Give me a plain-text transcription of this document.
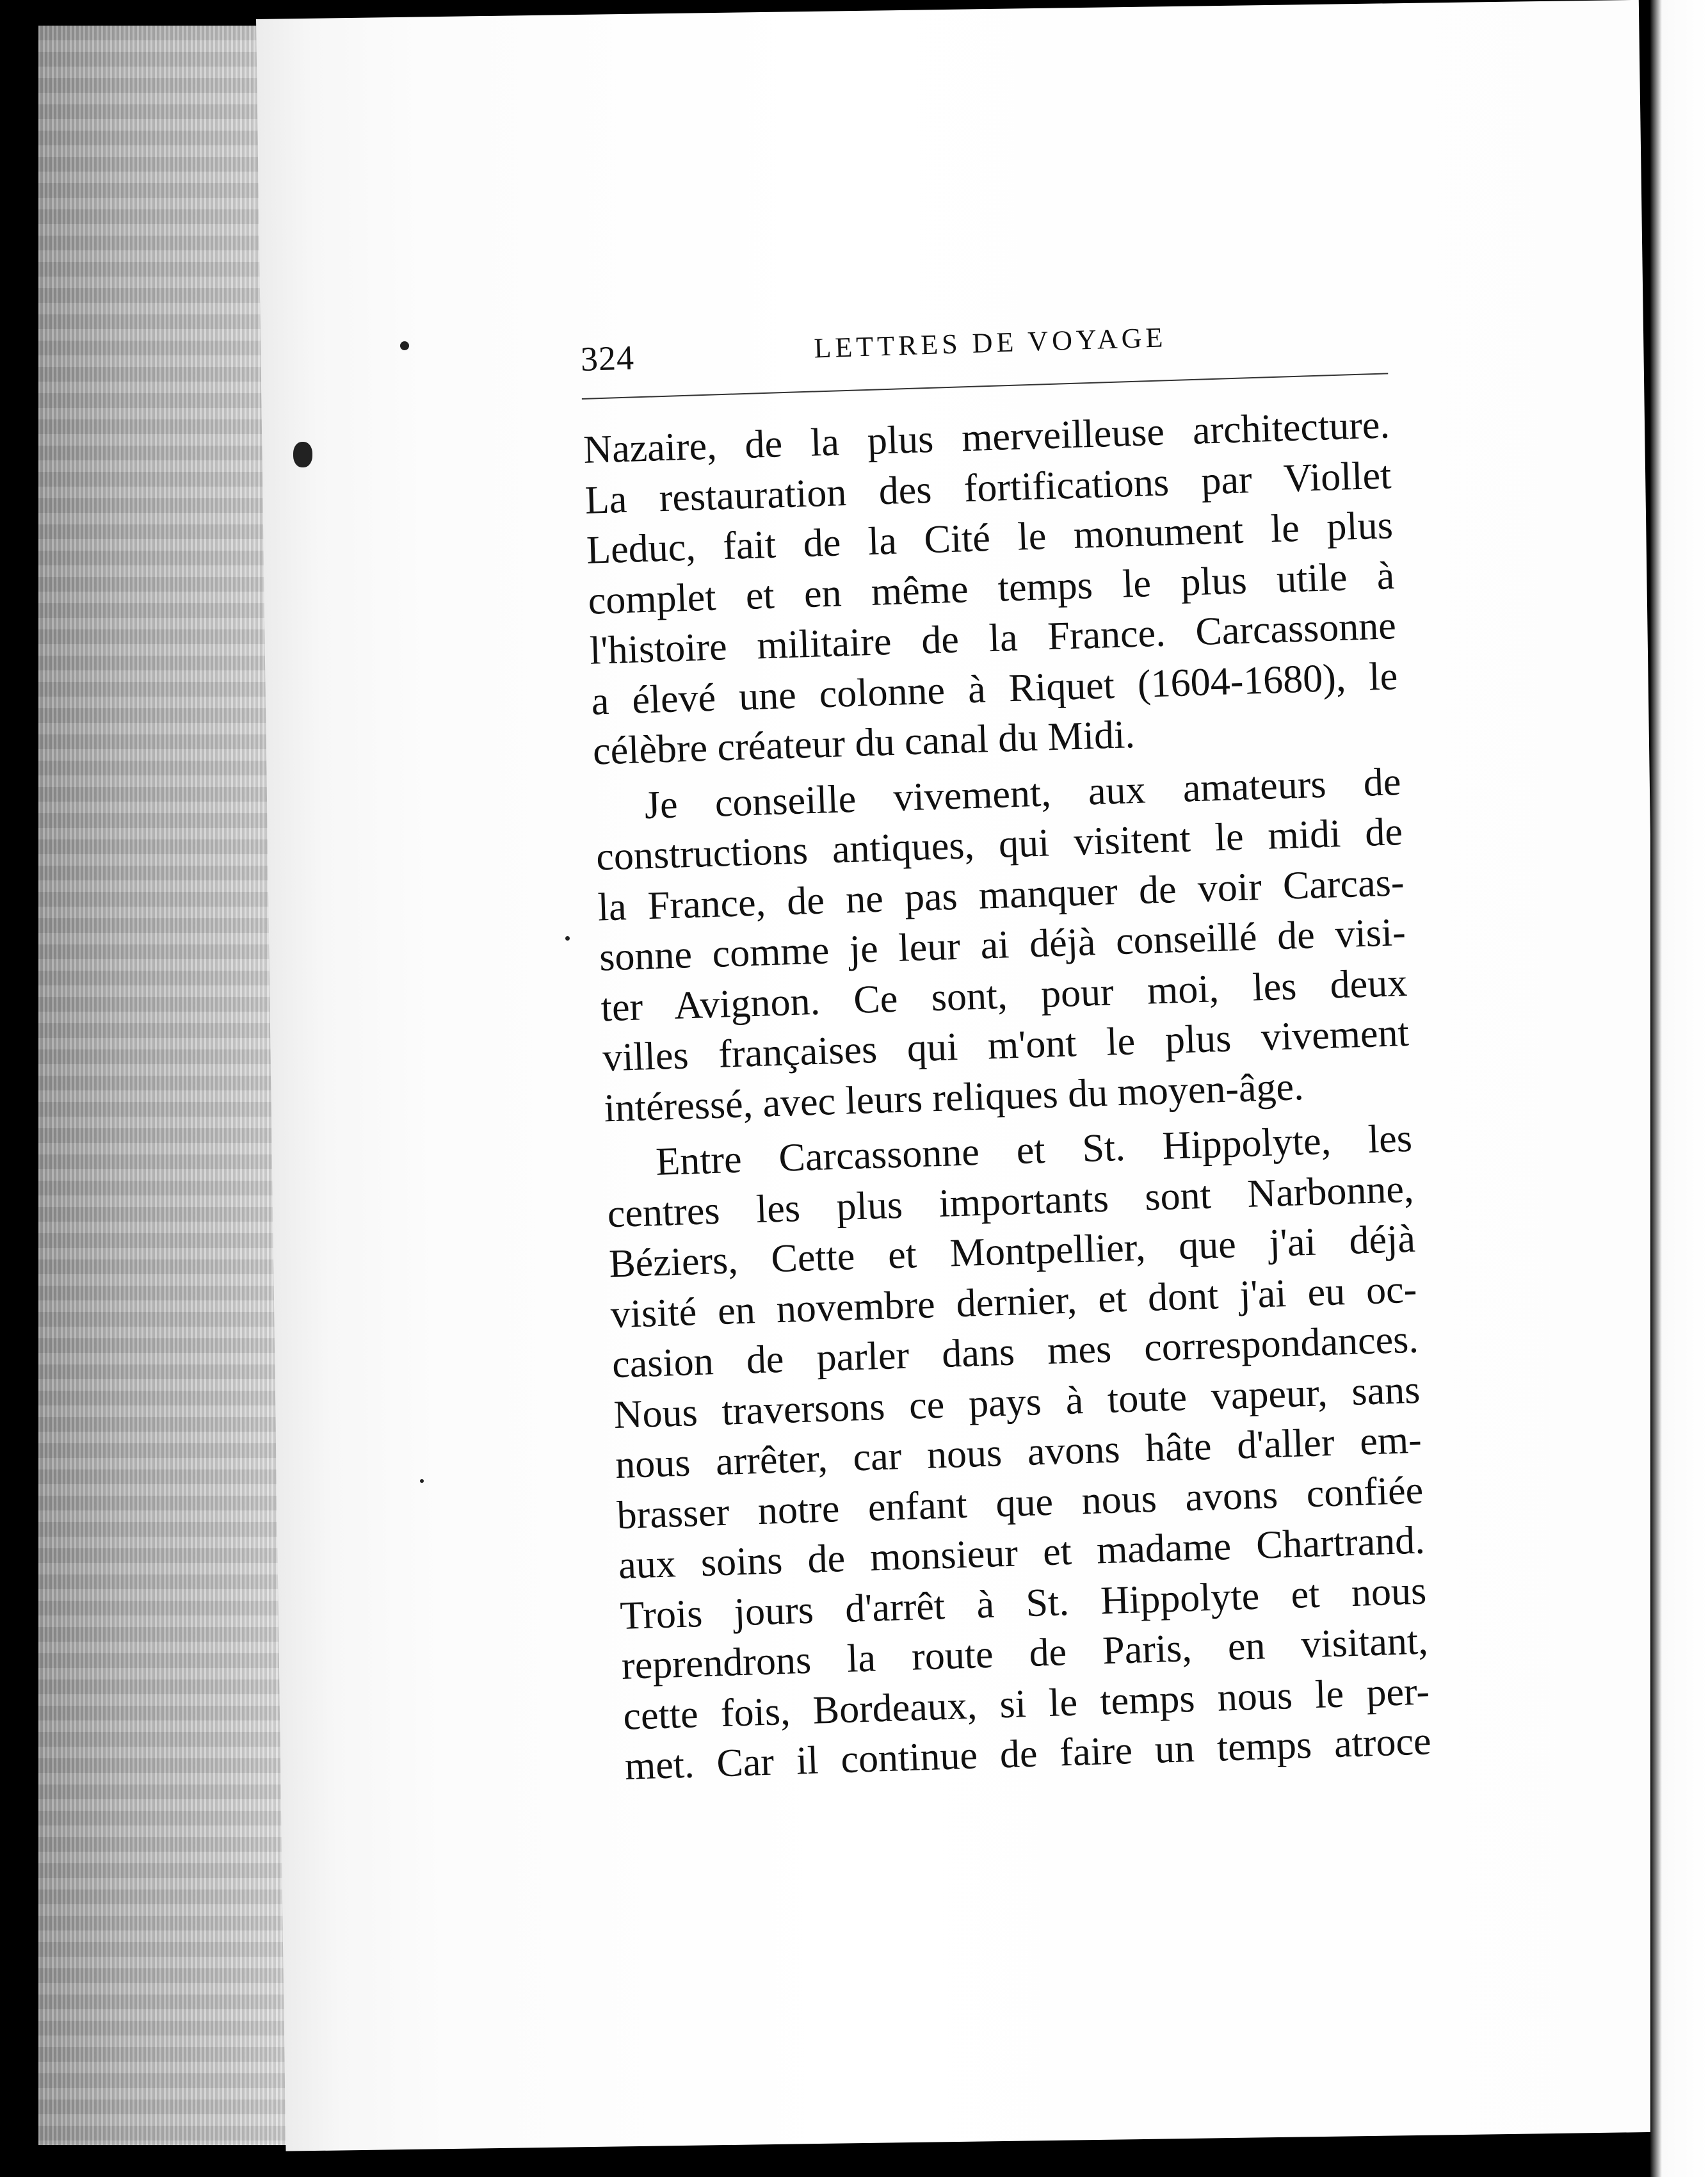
324	LETTRES DE VOYAGE
Nazaire, de la plus merveilleuse architecture.
La restauration des fortifications par Viollet
Leduc, fait de la Cité le monument le plus
complet et en même temps le plus utile à
l'histoire militaire de la France. Carcassonne
a élevé une colonne à Riquet (1604-1680), le
célèbre créateur du canal du Midi.
Je conseille vivement, aux amateurs de
constructions antiques, qui visitent le midi de
la France, de ne pas manquer de voir Carcas-
sonne comme je leur ai déjà conseillé de visi-
ter Avignon. Ce sont, pour moi, les deux
villes françaises qui m'ont le plus vivement
intéressé, avec leurs reliques du moyen-âge.
Entre Carcassonne et St. Hippolyte, les
centres les plus importants sont Narbonne,
Béziers, Cette et Montpellier, que j'ai déjà
visité en novembre dernier, et dont j'ai eu oc-
casion de parler dans mes correspondances.
Nous traversons ce pays à toute vapeur, sans
nous arrêter, car nous avons hâte d'aller em-
brasser notre enfant que nous avons confiée
aux soins de monsieur et madame Chartrand.
Trois jours d'arrêt à St. Hippolyte et nous
reprendrons la route de Paris, en visitant,
cette fois, Bordeaux, si le temps nous le per-
met. Car il continue de faire un temps atroce
